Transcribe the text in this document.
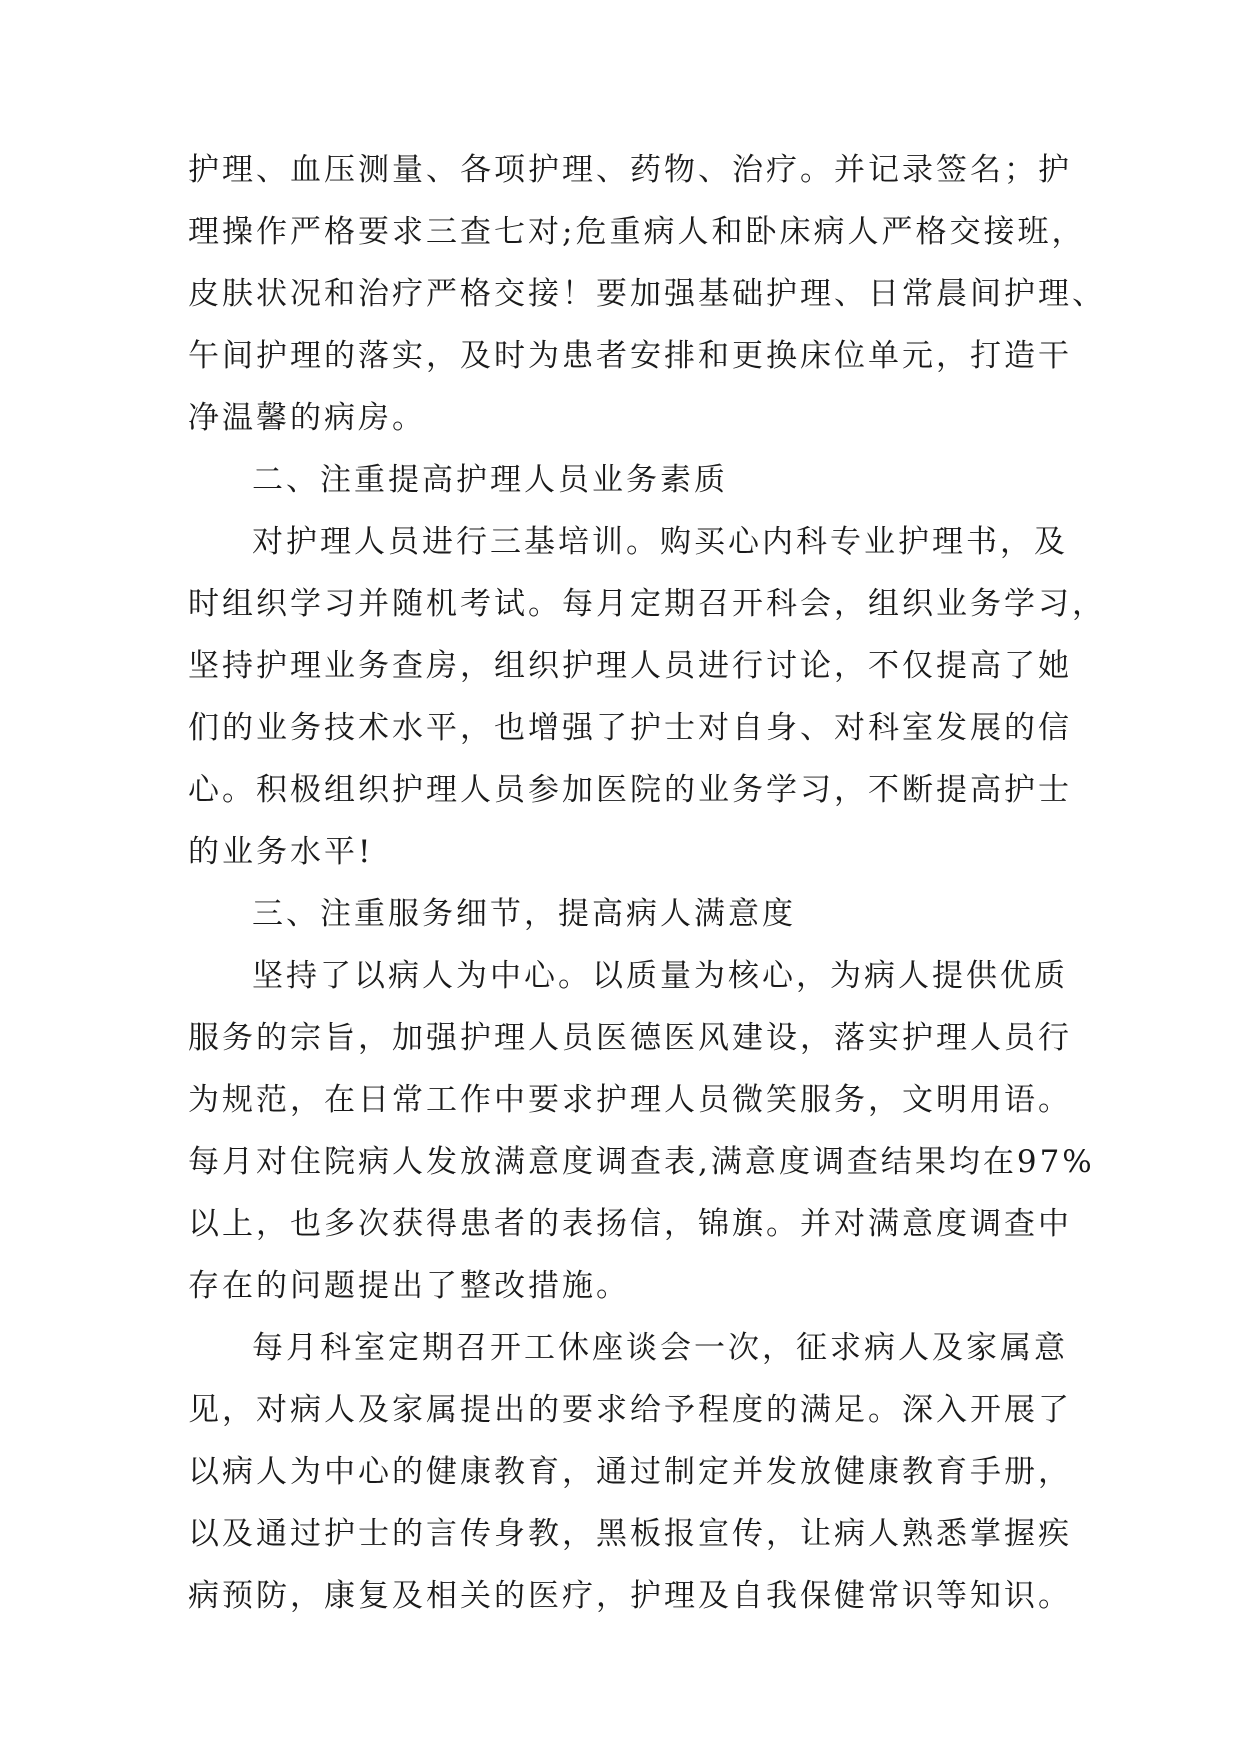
护理、血压测量、各项护理、药物、治疗。并记录签名；护
理操作严格要求三查七对;危重病人和卧床病人严格交接班，
皮肤状况和治疗严格交接！要加强基础护理、日常晨间护理、
午间护理的落实，及时为患者安排和更换床位单元，打造干
净温馨的病房。
二、注重提高护理人员业务素质
对护理人员进行三基培训。购买心内科专业护理书，及
时组织学习并随机考试。每月定期召开科会，组织业务学习，
坚持护理业务查房，组织护理人员进行讨论，不仅提高了她
们的业务技术水平，也增强了护士对自身、对科室发展的信
心。积极组织护理人员参加医院的业务学习，不断提高护士
的业务水平!
三、注重服务细节，提高病人满意度
坚持了以病人为中心。以质量为核心，为病人提供优质
服务的宗旨，加强护理人员医德医风建设，落实护理人员行
为规范，在日常工作中要求护理人员微笑服务，文明用语。
每月对住院病人发放满意度调查表,满意度调查结果均在97%
以上，也多次获得患者的表扬信，锦旗。并对满意度调查中
存在的问题提出了整改措施。
每月科室定期召开工休座谈会一次，征求病人及家属意
见，对病人及家属提出的要求给予程度的满足。深入开展了
以病人为中心的健康教育，通过制定并发放健康教育手册，
以及通过护士的言传身教，黑板报宣传，让病人熟悉掌握疾
病预防，康复及相关的医疗，护理及自我保健常识等知识。
